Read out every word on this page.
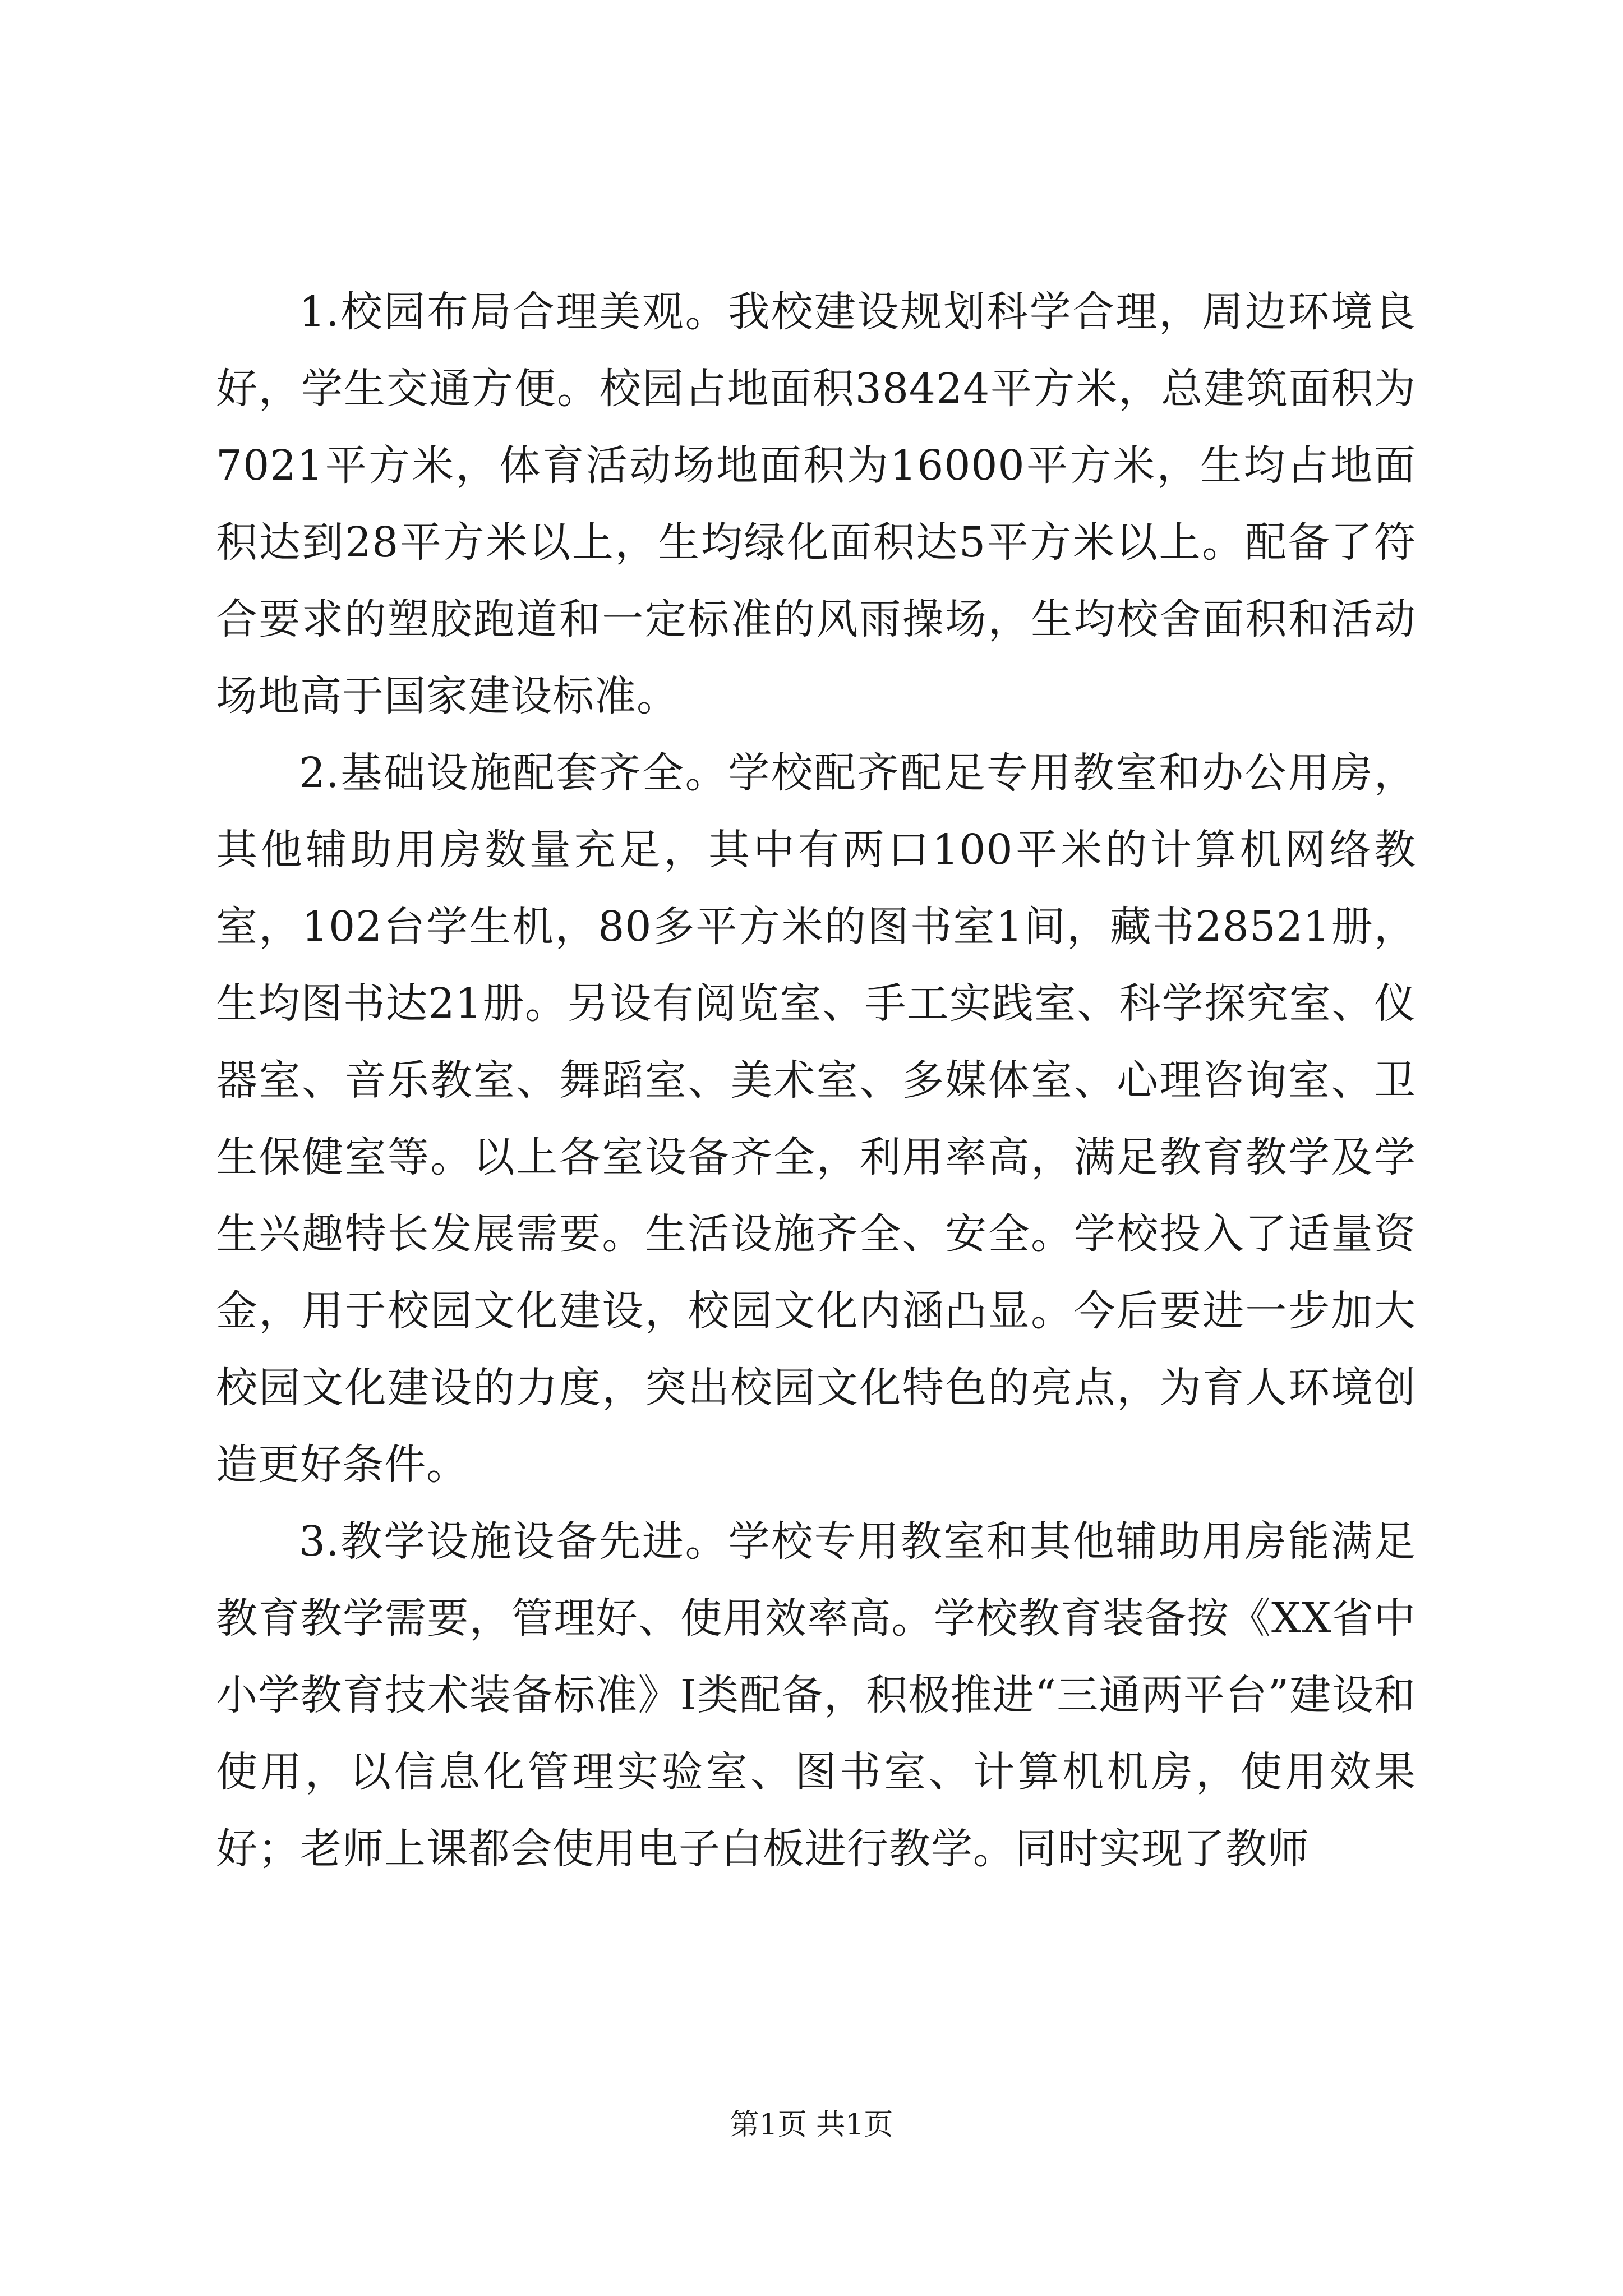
1.校园布局合理美观。我校建设规划科学合理，周边环境良好，学生交通方便。校园占地面积38424平方米，总建筑面积为7021平方米，体育活动场地面积为16000平方米，生均占地面积达到28平方米以上，生均绿化面积达5平方米以上。配备了符合要求的塑胶跑道和一定标准的风雨操场，生均校舍面积和活动场地高于国家建设标准。

2.基础设施配套齐全。学校配齐配足专用教室和办公用房，其他辅助用房数量充足，其中有两口100平米的计算机网络教室，102台学生机，80多平方米的图书室1间，藏书28521册，生均图书达21册。另设有阅览室、手工实践室、科学探究室、仪器室、音乐教室、舞蹈室、美术室、多媒体室、心理咨询室、卫生保健室等。以上各室设备齐全，利用率高，满足教育教学及学生兴趣特长发展需要。生活设施齐全、安全。学校投入了适量资金，用于校园文化建设，校园文化内涵凸显。今后要进一步加大校园文化建设的力度，突出校园文化特色的亮点，为育人环境创造更好条件。

3.教学设施设备先进。学校专用教室和其他辅助用房能满足教育教学需要，管理好、使用效率高。学校教育装备按《XX省中小学教育技术装备标准》Ⅰ类配备，积极推进“三通两平台”建设和使用，以信息化管理实验室、图书室、计算机机房，使用效果好；老师上课都会使用电子白板进行教学。同时实现了教师

第1页 共1页
